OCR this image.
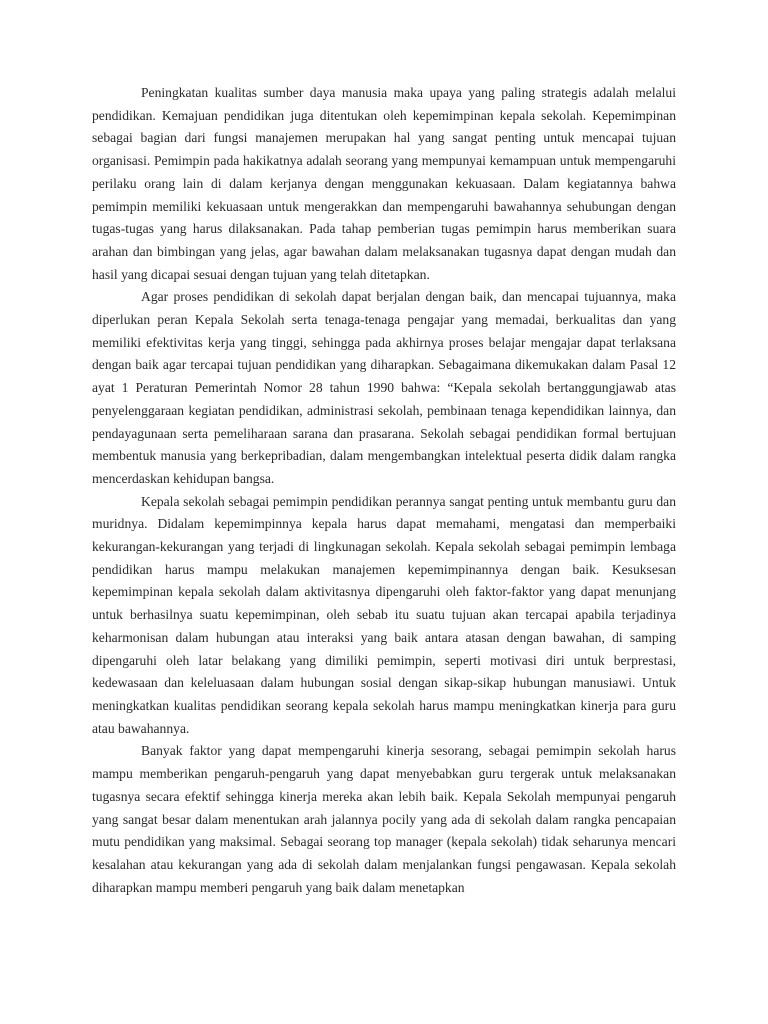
Peningkatan kualitas sumber daya manusia maka upaya yang paling strategis adalah melalui pendidikan. Kemajuan pendidikan juga ditentukan oleh kepemimpinan kepala sekolah. Kepemimpinan sebagai bagian dari fungsi manajemen merupakan hal yang sangat penting untuk mencapai tujuan organisasi. Pemimpin pada hakikatnya adalah seorang yang mempunyai kemampuan untuk mempengaruhi perilaku orang lain di dalam kerjanya dengan menggunakan kekuasaan. Dalam kegiatannya bahwa pemimpin memiliki kekuasaan untuk mengerakkan dan mempengaruhi bawahannya sehubungan dengan tugas-tugas yang harus dilaksanakan. Pada tahap pemberian tugas pemimpin harus memberikan suara arahan dan bimbingan yang jelas, agar bawahan dalam melaksanakan tugasnya dapat dengan mudah dan hasil yang dicapai sesuai dengan tujuan yang telah ditetapkan.

Agar proses pendidikan di sekolah dapat berjalan dengan baik, dan mencapai tujuannya, maka diperlukan peran Kepala Sekolah serta tenaga-tenaga pengajar yang memadai, berkualitas dan yang memiliki efektivitas kerja yang tinggi, sehingga pada akhirnya proses belajar mengajar dapat terlaksana dengan baik agar tercapai tujuan pendidikan yang diharapkan. Sebagaimana dikemukakan dalam Pasal 12 ayat 1 Peraturan Pemerintah Nomor 28 tahun 1990 bahwa: “Kepala sekolah bertanggungjawab atas penyelenggaraan kegiatan pendidikan, administrasi sekolah, pembinaan tenaga kependidikan lainnya, dan pendayagunaan serta pemeliharaan sarana dan prasarana. Sekolah sebagai pendidikan formal bertujuan membentuk manusia yang berkepribadian, dalam mengembangkan intelektual peserta didik dalam rangka mencerdaskan kehidupan bangsa.

Kepala sekolah sebagai pemimpin pendidikan perannya sangat penting untuk membantu guru dan muridnya. Didalam kepemimpinnya kepala harus dapat memahami, mengatasi dan memperbaiki kekurangan-kekurangan yang terjadi di lingkunagan sekolah. Kepala sekolah sebagai pemimpin lembaga pendidikan harus mampu melakukan manajemen kepemimpinannya dengan baik. Kesuksesan kepemimpinan kepala sekolah dalam aktivitasnya dipengaruhi oleh faktor-faktor yang dapat menunjang untuk berhasilnya suatu kepemimpinan, oleh sebab itu suatu tujuan akan tercapai apabila terjadinya keharmonisan dalam hubungan atau interaksi yang baik antara atasan dengan bawahan, di samping dipengaruhi oleh latar belakang yang dimiliki pemimpin, seperti motivasi diri untuk berprestasi, kedewasaan dan keleluasaan dalam hubungan sosial dengan sikap-sikap hubungan manusiawi. Untuk meningkatkan kualitas pendidikan seorang kepala sekolah harus mampu meningkatkan kinerja para guru atau bawahannya.

Banyak faktor yang dapat mempengaruhi kinerja sesorang, sebagai pemimpin sekolah harus mampu memberikan pengaruh-pengaruh yang dapat menyebabkan guru tergerak untuk melaksanakan tugasnya secara efektif sehingga kinerja mereka akan lebih baik. Kepala Sekolah mempunyai pengaruh yang sangat besar dalam menentukan arah jalannya pocily yang ada di sekolah dalam rangka pencapaian mutu pendidikan yang maksimal. Sebagai seorang top manager (kepala sekolah) tidak seharunya mencari kesalahan atau kekurangan yang ada di sekolah dalam menjalankan fungsi pengawasan. Kepala sekolah diharapkan mampu memberi pengaruh yang baik dalam menetapkan
